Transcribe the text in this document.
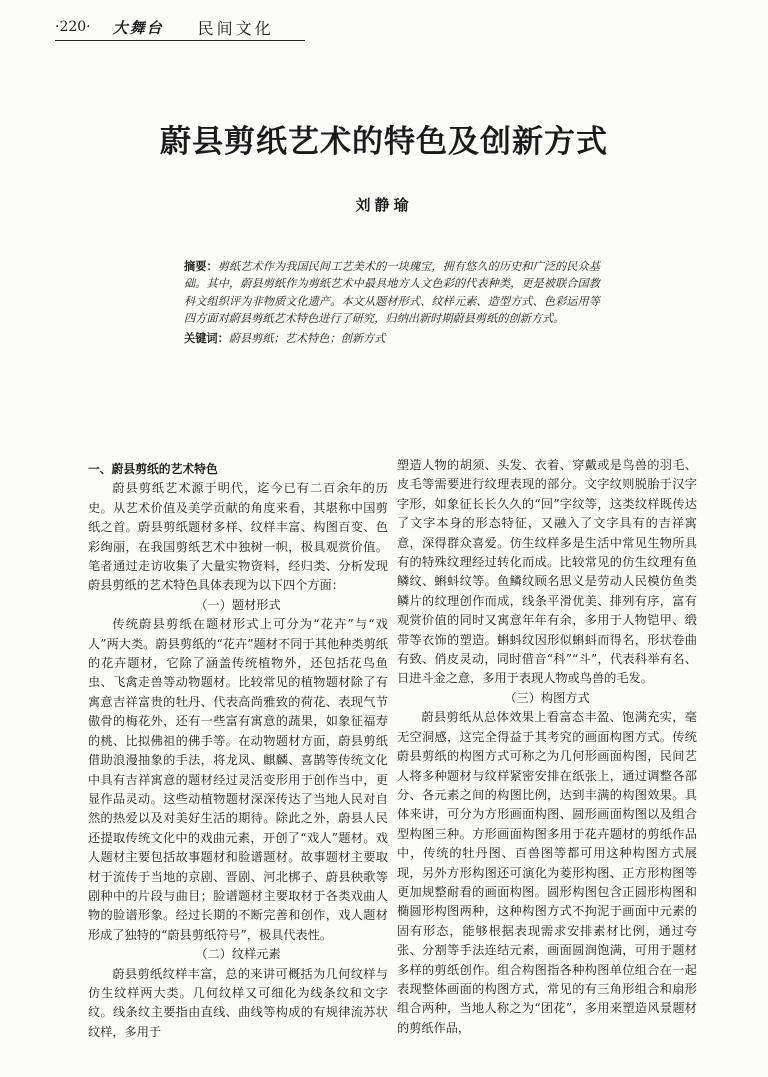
·220· 大舞台 民间文化
蔚县剪纸艺术的特色及创新方式
刘静瑜
摘要：剪纸艺术作为我国民间工艺美术的一块瑰宝，拥有悠久的历史和广泛的民众基础。其中，蔚县剪纸作为剪纸艺术中最具地方人文色彩的代表种类，更是被联合国教科文组织评为非物质文化遗产。本文从题材形式、纹样元素、造型方式、色彩运用等四方面对蔚县剪纸艺术特色进行了研究，归纳出新时期蔚县剪纸的创新方式。
关键词：蔚县剪纸；艺术特色；创新方式

一、蔚县剪纸的艺术特色

蔚县剪纸艺术源于明代，迄今已有二百余年的历史。从艺术价值及美学贡献的角度来看，其堪称中国剪纸之首。蔚县剪纸题材多样、纹样丰富、构图百变、色彩绚丽，在我国剪纸艺术中独树一帜，极具观赏价值。笔者通过走访收集了大量实物资料，经归类、分析发现蔚县剪纸的艺术特色具体表现为以下四个方面：

（一）题材形式

传统蔚县剪纸在题材形式上可分为“花卉”与“戏人”两大类。蔚县剪纸的“花卉”题材不同于其他种类剪纸的花卉题材，它除了涵盖传统植物外，还包括花鸟鱼虫、飞禽走兽等动物题材。比较常见的植物题材除了有寓意吉祥富贵的牡丹、代表高尚雅致的荷花、表现气节傲骨的梅花外，还有一些富有寓意的蔬果，如象征福寿的桃、比拟佛祖的佛手等。在动物题材方面，蔚县剪纸借助浪漫抽象的手法，将龙凤、麒麟、喜鹊等传统文化中具有吉祥寓意的题材经过灵活变形用于创作当中，更显作品灵动。这些动植物题材深深传达了当地人民对自然的热爱以及对美好生活的期待。除此之外，蔚县人民还提取传统文化中的戏曲元素，开创了“戏人”题材。戏人题材主要包括故事题材和脸谱题材。故事题材主要取材于流传于当地的京剧、晋剧、河北梆子、蔚县秧歌等剧种中的片段与曲目；脸谱题材主要取材于各类戏曲人物的脸谱形象。经过长期的不断完善和创作，戏人题材形成了独特的“蔚县剪纸符号”，极具代表性。

（二）纹样元素

蔚县剪纸纹样丰富，总的来讲可概括为几何纹样与仿生纹样两大类。几何纹样又可细化为线条纹和文字纹。线条纹主要指由直线、曲线等构成的有规律流苏状纹样，多用于

塑造人物的胡须、头发、衣着、穿戴或是鸟兽的羽毛、皮毛等需要进行纹理表现的部分。文字纹则脱胎于汉字字形，如象征长长久久的“回”字纹等，这类纹样既传达了文字本身的形态特征，又融入了文字具有的吉祥寓意，深得群众喜爱。仿生纹样多是生活中常见生物所具有的特殊纹理经过转化而成。比较常见的仿生纹理有鱼鳞纹、蝌蚪纹等。鱼鳞纹顾名思义是劳动人民模仿鱼类鳞片的纹理创作而成，线条平滑优美、排列有序，富有观赏价值的同时又寓意年年有余，多用于人物铠甲、缎带等衣饰的塑造。蝌蚪纹因形似蝌蚪而得名，形状卷曲有致、俏皮灵动，同时借音“科”“斗”，代表科举有名、日进斗金之意，多用于表现人物或鸟兽的毛发。

（三）构图方式

蔚县剪纸从总体效果上看富态丰盈、饱满充实，毫无空洞感，这完全得益于其考究的画面构图方式。传统蔚县剪纸的构图方式可称之为几何形画面构图，民间艺人将多种题材与纹样紧密安排在纸张上，通过调整各部分、各元素之间的构图比例，达到丰满的构图效果。具体来讲，可分为方形画面构图、圆形画面构图以及组合型构图三种。方形画面构图多用于花卉题材的剪纸作品中，传统的牡丹图、百兽图等都可用这种构图方式展现，另外方形构图还可演化为菱形构图、正方形构图等更加规整耐看的画面构图。圆形构图包含正圆形构图和椭圆形构图两种，这种构图方式不拘泥于画面中元素的固有形态，能够根据表现需求安排素材比例，通过夸张、分割等手法连结元素，画面圆润饱满，可用于题材多样的剪纸创作。组合构图指各种构图单位组合在一起表现整体画面的构图方式，常见的有三角形组合和扇形组合两种，当地人称之为“团花”，多用来塑造风景题材的剪纸作品，
